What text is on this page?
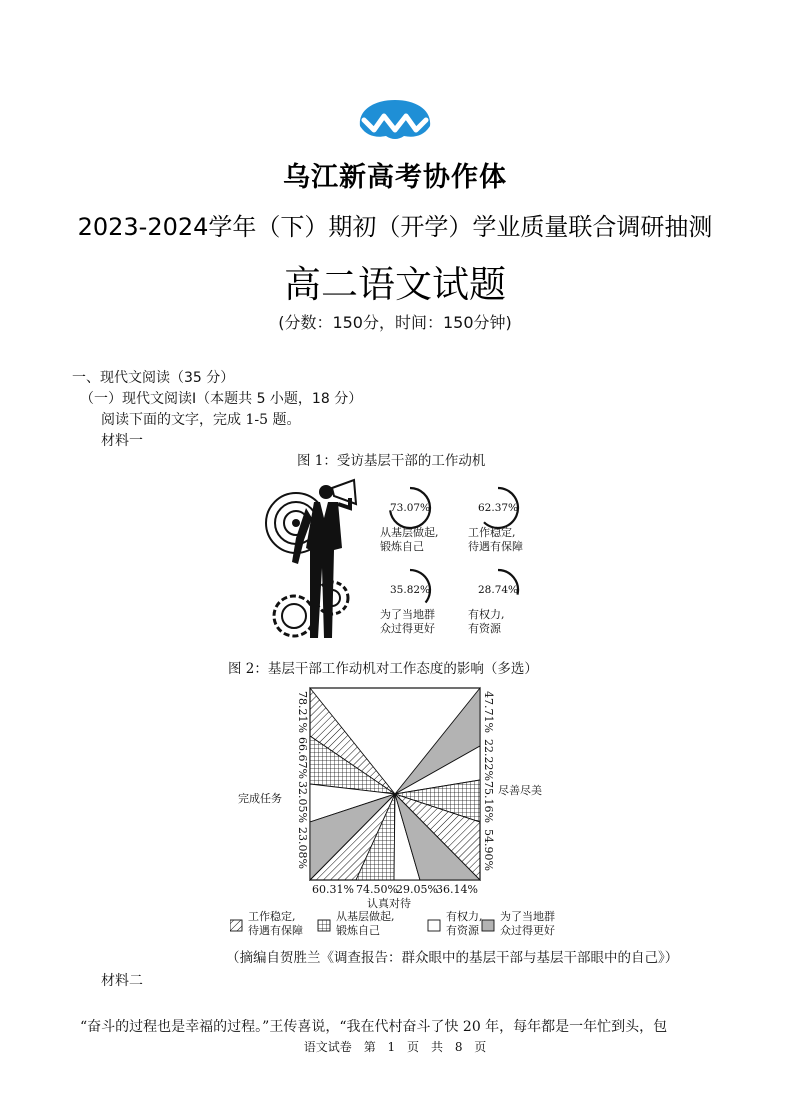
乌江新高考协作体
2023-2024学年（下）期初（开学）学业质量联合调研抽测
高二语文试题
(分数：150分，时间：150分钟)
一、现代文阅读（35 分）
（一）现代文阅读Ⅰ（本题共 5 小题，18 分）
阅读下面的文字，完成 1-5 题。
材料一
图 1：受访基层干部的工作动机
73.07%
从基层做起,
锻炼自己
62.37%
工作稳定,
待遇有保障
35.82%
为了当地群
众过得更好
28.74%
有权力,
有资源
图 2：基层干部工作动机对工作态度的影响（多选）
78.21%
66.67%
32.05%
23.08%
47.71%
22.22%
75.16%
54.90%
60.31% 74.50%
29.05%
36.14%
完成任务
尽善尽美
认真对待
工作稳定,
待遇有保障
从基层做起,
锻炼自己
有权力,
有资源
为了当地群
众过得更好
（摘编自贺胜兰《调查报告：群众眼中的基层干部与基层干部眼中的自己》）
材料二
“奋斗的过程也是幸福的过程。”王传喜说，“我在代村奋斗了快 20 年，每年都是一年忙到头，包
语文试卷　第 1 页　共 8 页
